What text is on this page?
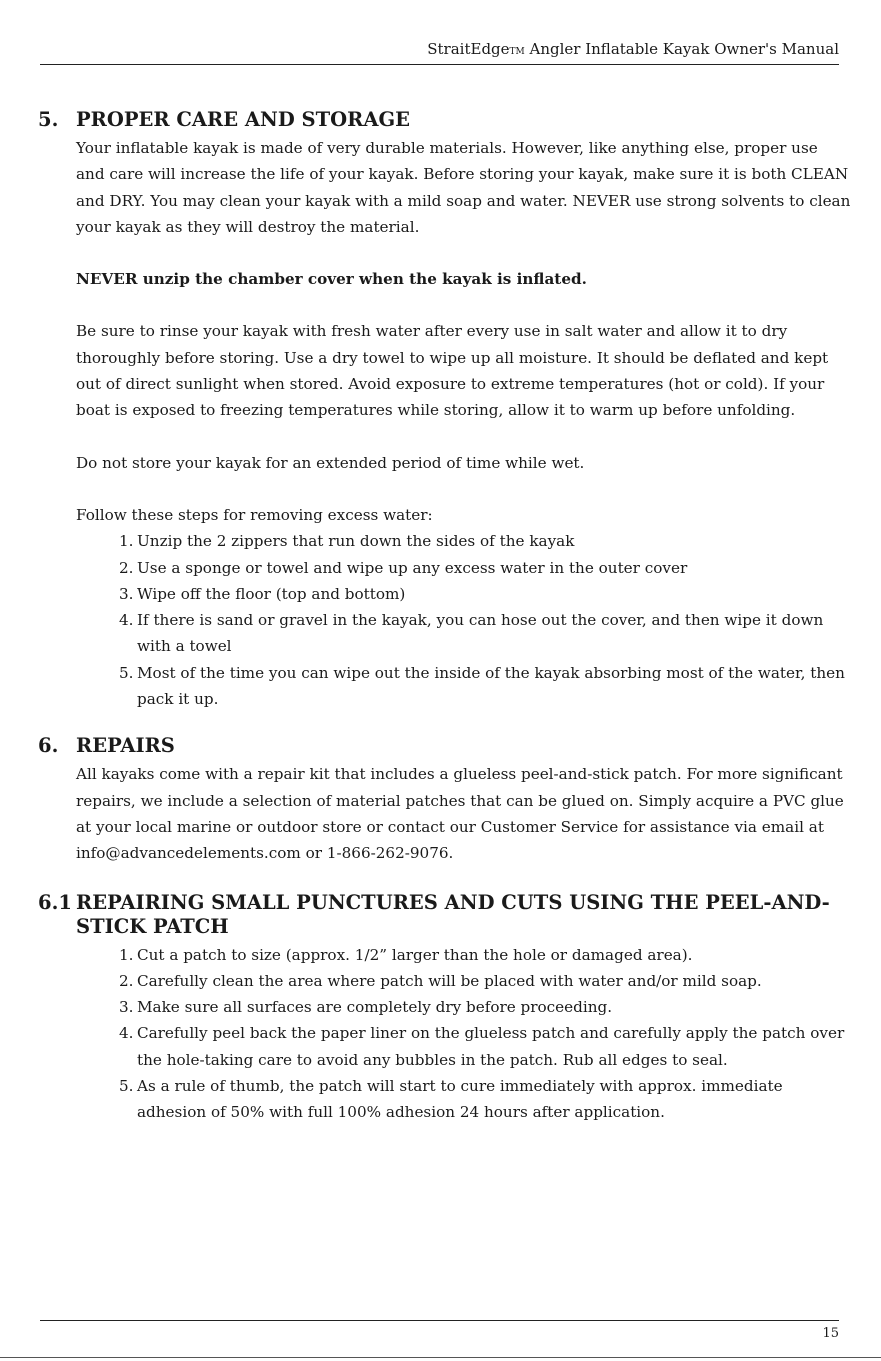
StraitEdgeTM Angler Inflatable Kayak Owner's Manual
5. PROPER CARE AND STORAGE

Your inflatable kayak is made of very durable materials. However, like anything else, proper use and care will increase the life of your kayak. Before storing your kayak, make sure it is both CLEAN and DRY. You may clean your kayak with a mild soap and water. NEVER use strong solvents to clean your kayak as they will destroy the material.

NEVER unzip the chamber cover when the kayak is inflated.

Be sure to rinse your kayak with fresh water after every use in salt water and allow it to dry thoroughly before storing. Use a dry towel to wipe up all moisture. It should be deflated and kept out of direct sunlight when stored. Avoid exposure to extreme temperatures (hot or cold). If your boat is exposed to freezing temperatures while storing, allow it to warm up before unfolding.

Do not store your kayak for an extended period of time while wet.

Follow these steps for removing excess water:

1. Unzip the 2 zippers that run down the sides of the kayak
2. Use a sponge or towel and wipe up any excess water in the outer cover
3. Wipe off the floor (top and bottom)
4. If there is sand or gravel in the kayak, you can hose out the cover, and then wipe it down with a towel
5. Most of the time you can wipe out the inside of the kayak absorbing most of the water, then pack it up.
6. REPAIRS

All kayaks come with a repair kit that includes a glueless peel-and-stick patch. For more significant repairs, we include a selection of material patches that can be glued on. Simply acquire a PVC glue at your local marine or outdoor store or contact our Customer Service for assistance via email at info@advancedelements.com or 1-866-262-9076.

6.1 REPAIRING SMALL PUNCTURES AND CUTS USING THE PEEL-AND-STICK PATCH
1. Cut a patch to size (approx. 1/2” larger than the hole or damaged area).
2. Carefully clean the area where patch will be placed with water and/or mild soap.
3. Make sure all surfaces are completely dry before proceeding.
4. Carefully peel back the paper liner on the glueless patch and carefully apply the patch over the hole-taking care to avoid any bubbles in the patch. Rub all edges to seal.
5. As a rule of thumb, the patch will start to cure immediately with approx. immediate adhesion of 50% with full 100% adhesion 24 hours after application.
15
